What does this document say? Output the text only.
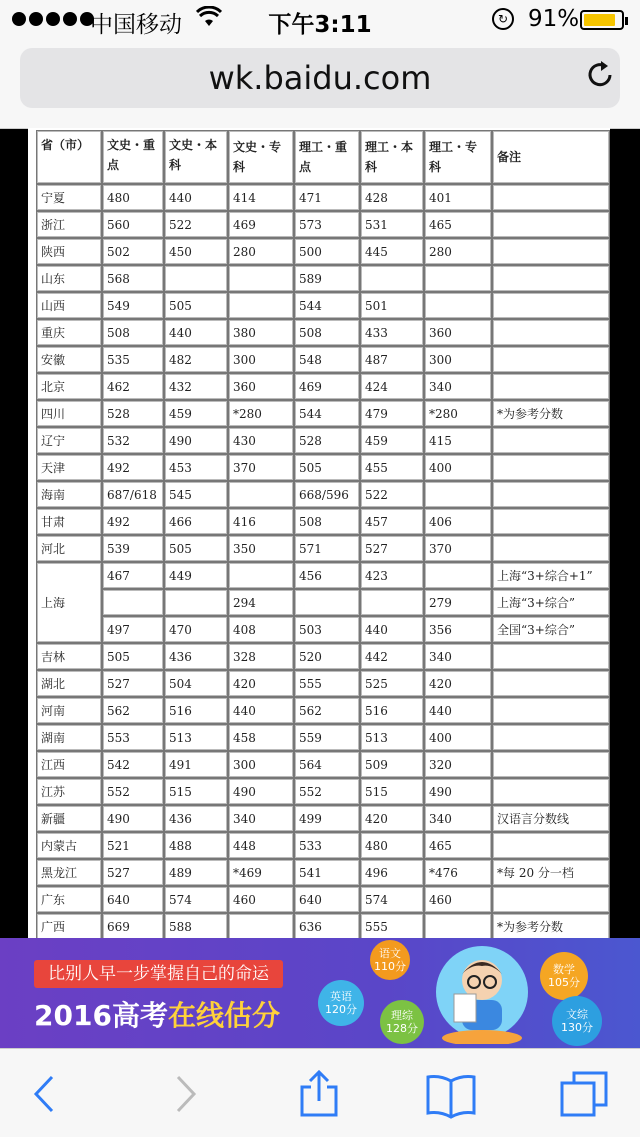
中国移动	下午3:11	↻ 91%
wk.baidu.com
省（市）	文史・重点	文史・本科	文史・专科	理工・重点	理工・本科	理工・专科	备注
宁夏	480	440	414	471	428	401	
浙江	560	522	469	573	531	465	
陕西	502	450	280	500	445	280	
山东	568			589			
山西	549	505		544	501		
重庆	508	440	380	508	433	360	
安徽	535	482	300	548	487	300	
北京	462	432	360	469	424	340	
四川	528	459	*280	544	479	*280	*为参考分数
辽宁	532	490	430	528	459	415	
天津	492	453	370	505	455	400	
海南	687/618	545		668/596	522		
甘肃	492	466	416	508	457	406	
河北	539	505	350	571	527	370	
上海	467	449		456	423		上海“3+综合+1”
			294			279	上海“3+综合”
	497	470	408	503	440	356	全国“3+综合”
吉林	505	436	328	520	442	340	
湖北	527	504	420	555	525	420	
河南	562	516	440	562	516	440	
湖南	553	513	458	559	513	400	
江西	542	491	300	564	509	320	
江苏	552	515	490	552	515	490	
新疆	490	436	340	499	420	340	汉语言分数线
内蒙古	521	488	448	533	480	465	
黑龙江	527	489	*469	541	496	*476	*每 20 分一档
广东	640	574	460	640	574	460	
广西	669	588		636	555		*为参考分数
比别人早一步掌握自己的命运
2016高考在线估分
语文
110分
英语
120分	理综
128分
数学
105分
文综
130分
